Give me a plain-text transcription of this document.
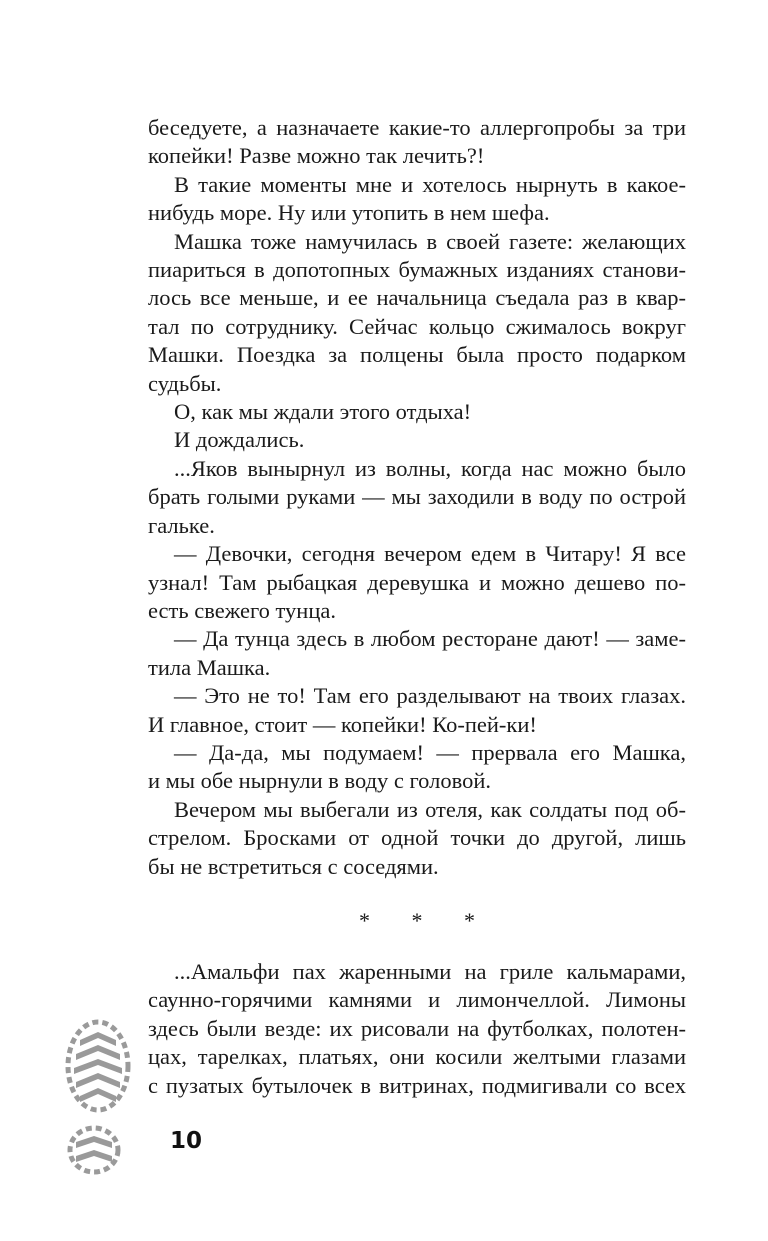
беседуете, а назначаете какие-то аллергопробы за три
копейки! Разве можно так лечить?!
В такие моменты мне и хотелось нырнуть в какое-
нибудь море. Ну или утопить в нем шефа.
Машка тоже намучилась в своей газете: желающих
пиариться в допотопных бумажных изданиях станови-
лось все меньше, и ее начальница съедала раз в квар-
тал по сотруднику. Сейчас кольцо сжималось вокруг
Машки. Поездка за полцены была просто подарком
судьбы.
О, как мы ждали этого отдыха!
И дождались.
...Яков вынырнул из волны, когда нас можно было
брать голыми руками — мы заходили в воду по острой
гальке.
— Девочки, сегодня вечером едем в Читару! Я все
узнал! Там рыбацкая деревушка и можно дешево по-
есть свежего тунца.
— Да тунца здесь в любом ресторане дают! — заме-
тила Машка.
— Это не то! Там его разделывают на твоих глазах.
И главное, стоит — копейки! Ко-пей-ки!
— Да-да, мы подумаем! — прервала его Машка,
и мы обе нырнули в воду с головой.
Вечером мы выбегали из отеля, как солдаты под об-
стрелом. Бросками от одной точки до другой, лишь
бы не встретиться с соседями.
* * *
...Амальфи пах жаренными на гриле кальмарами,
саунно-горячими камнями и лимончеллой. Лимоны
здесь были везде: их рисовали на футболках, полотен-
цах, тарелках, платьях, они косили желтыми глазами
с пузатых бутылочек в витринах, подмигивали со всех
10
